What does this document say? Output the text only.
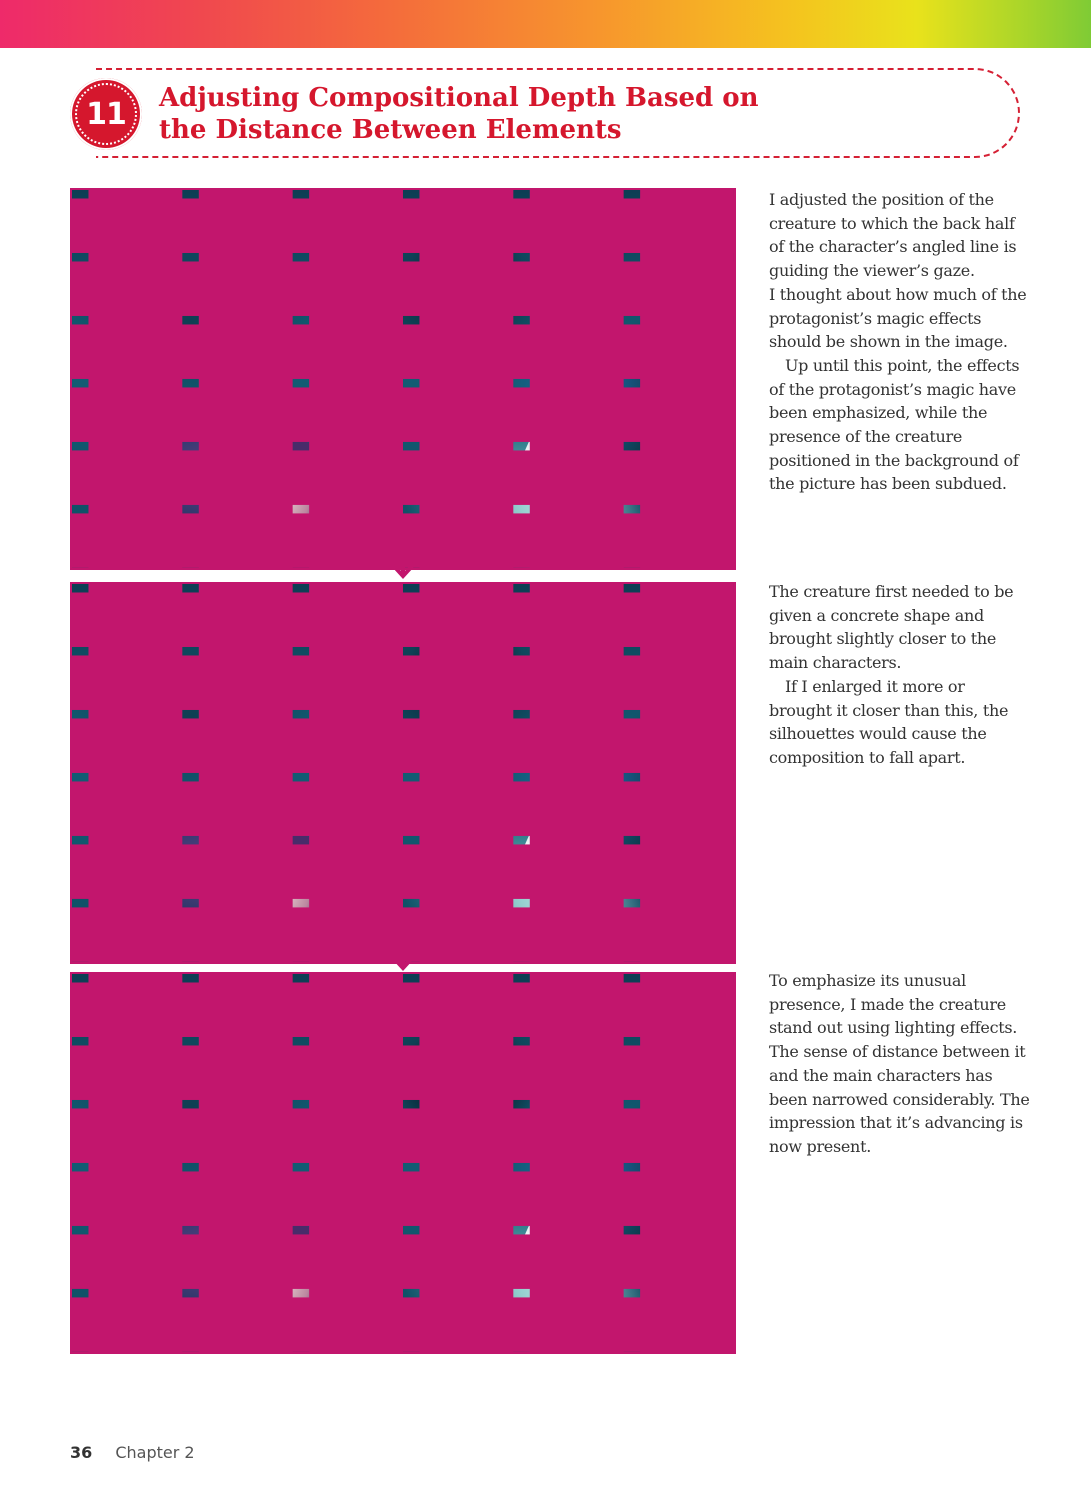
11 Adjusting Compositional Depth Based on
the Distance Between Elements
I adjusted the position of the creature to which the back half of the character’s angled line is guiding the viewer’s gaze.
I thought about how much of the protagonist’s magic effects should be shown in the image.
Up until this point, the effects of the protagonist’s magic have been emphasized, while the presence of the creature positioned in the background of the picture has been subdued.
The creature first needed to be given a concrete shape and brought slightly closer to the main characters.
If I enlarged it more or brought it closer than this, the silhouettes would cause the composition to fall apart.
To emphasize its unusual presence, I made the creature stand out using lighting effects. The sense of distance between it and the main characters has been narrowed considerably. The impression that it’s advancing is now present.
36 Chapter 2
